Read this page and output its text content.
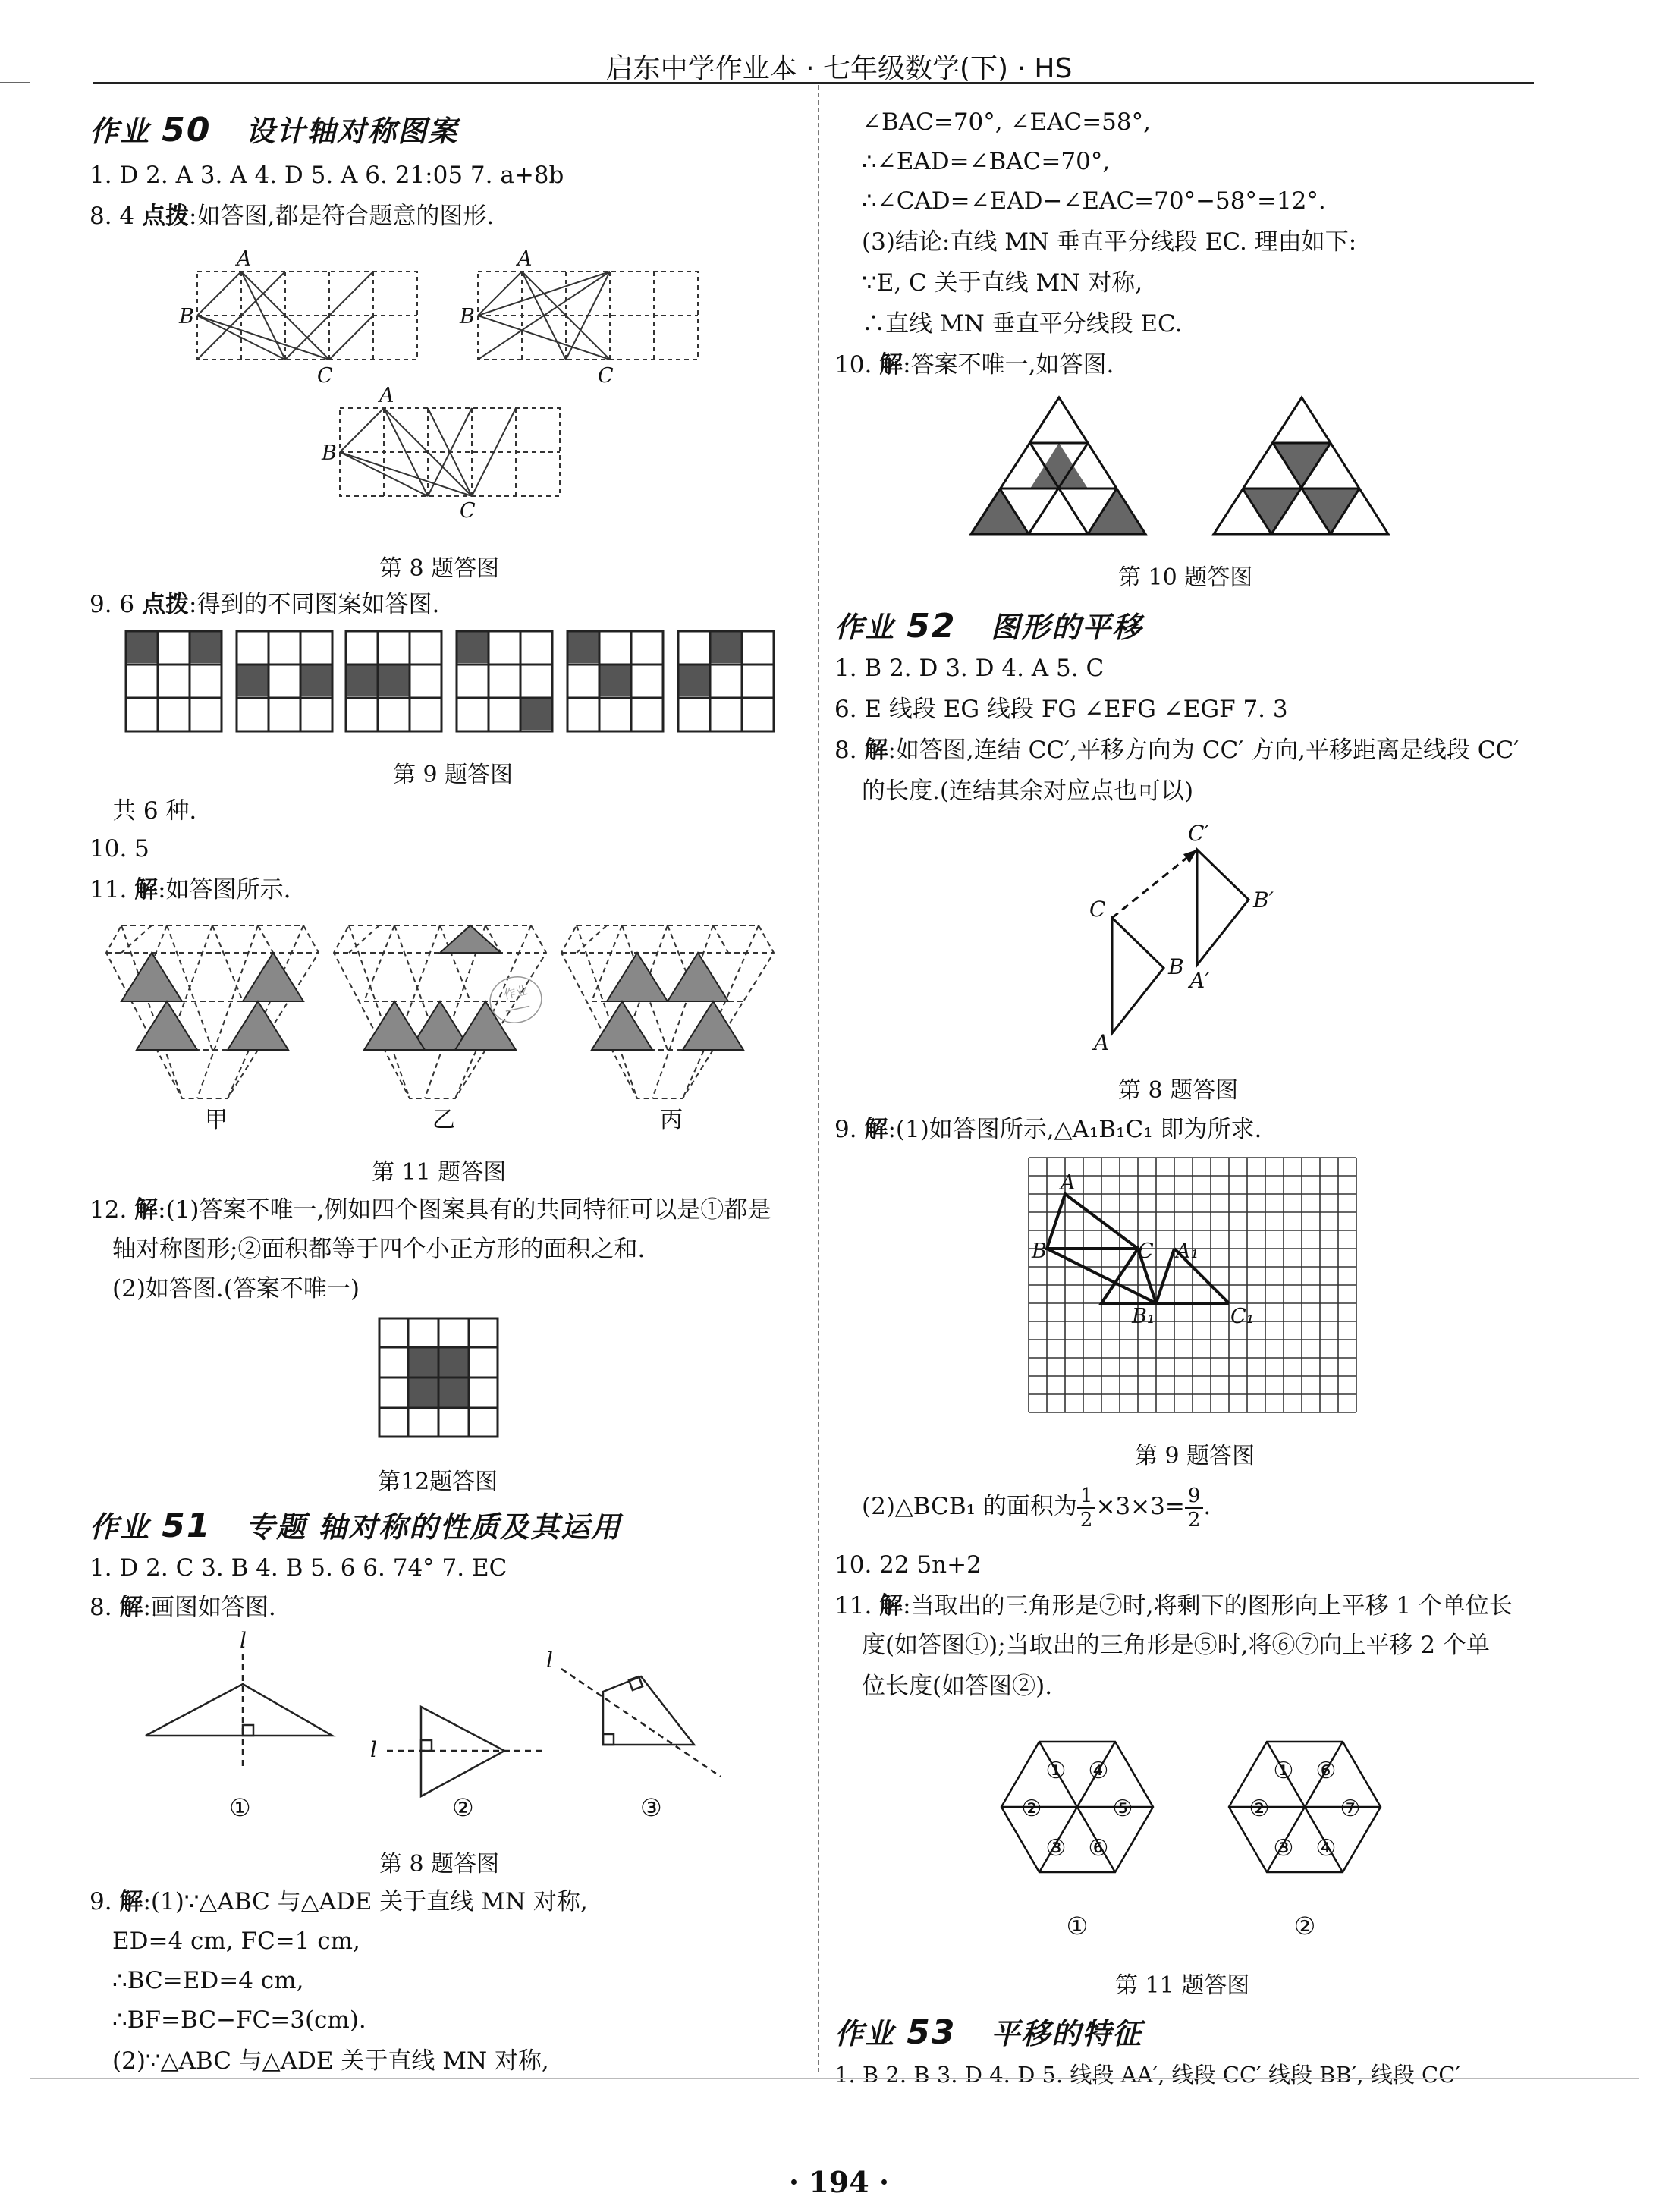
启东中学作业本 · 七年级数学(下) · HS
作业 50 设计轴对称图案
1. D 2. A 3. A 4. D 5. A 6. 21:05 7. a+8b
8. 4 点拨:如答图,都是符合题意的图形.
A
B
C
A
B
C
A
B
C
第 8 题答图
9. 6 点拨:得到的不同图案如答图.
第 9 题答图
共 6 种.
10. 5
11. 解:如答图所示.
作业
甲	乙	丙
第 11 题答图
12. 解:(1)答案不唯一,例如四个图案具有的共同特征可以是①都是
轴对称图形;②面积都等于四个小正方形的面积之和.
(2)如答图.(答案不唯一)
第12题答图
作业 51 专题 轴对称的性质及其运用
1. D 2. C 3. B 4. B 5. 6 6. 74° 7. EC
8. 解:画图如答图.
l
l
l
①	②	③
第 8 题答图
9. 解:(1)∵△ABC 与△ADE 关于直线 MN 对称,
ED=4 cm, FC=1 cm,
∴BC=ED=4 cm,
∴BF=BC−FC=3(cm).
(2)∵△ABC 与△ADE 关于直线 MN 对称,
∠BAC=70°, ∠EAC=58°,
∴∠EAD=∠BAC=70°,
∴∠CAD=∠EAD−∠EAC=70°−58°=12°.
(3)结论:直线 MN 垂直平分线段 EC. 理由如下:
∵E, C 关于直线 MN 对称,
∴直线 MN 垂直平分线段 EC.
10. 解:答案不唯一,如答图.
第 10 题答图
作业 52 图形的平移
1. B 2. D 3. D 4. A 5. C
6. E 线段 EG 线段 FG ∠EFG ∠EGF 7. 3
8. 解:如答图,连结 CC′,平移方向为 CC′ 方向,平移距离是线段 CC′
的长度.(连结其余对应点也可以)
C′
B′
C
B
A′
A
第 8 题答图
9. 解:(1)如答图所示,△A₁B₁C₁ 即为所求.
A
B	C A₁
B₁	C₁
第 9 题答图
(2)△BCB₁ 的面积为 $\frac{1}{2} \times 3\times 3= \frac{9}{2}$ .
10. 22 5n+2
11. 解:当取出的三角形是⑦时,将剩下的图形向上平移 1 个单位长
度(如答图①);当取出的三角形是⑤时,将⑥⑦向上平移 2 个单
位长度(如答图②).
① ④
⑤
⑥
③
②
① ⑥
⑦
④
③
②
①	②
第 11 题答图
作业 53 平移的特征
1. B 2. B 3. D 4. D 5. 线段 AA′, 线段 CC′ 线段 BB′, 线段 CC′
· 194 ·
